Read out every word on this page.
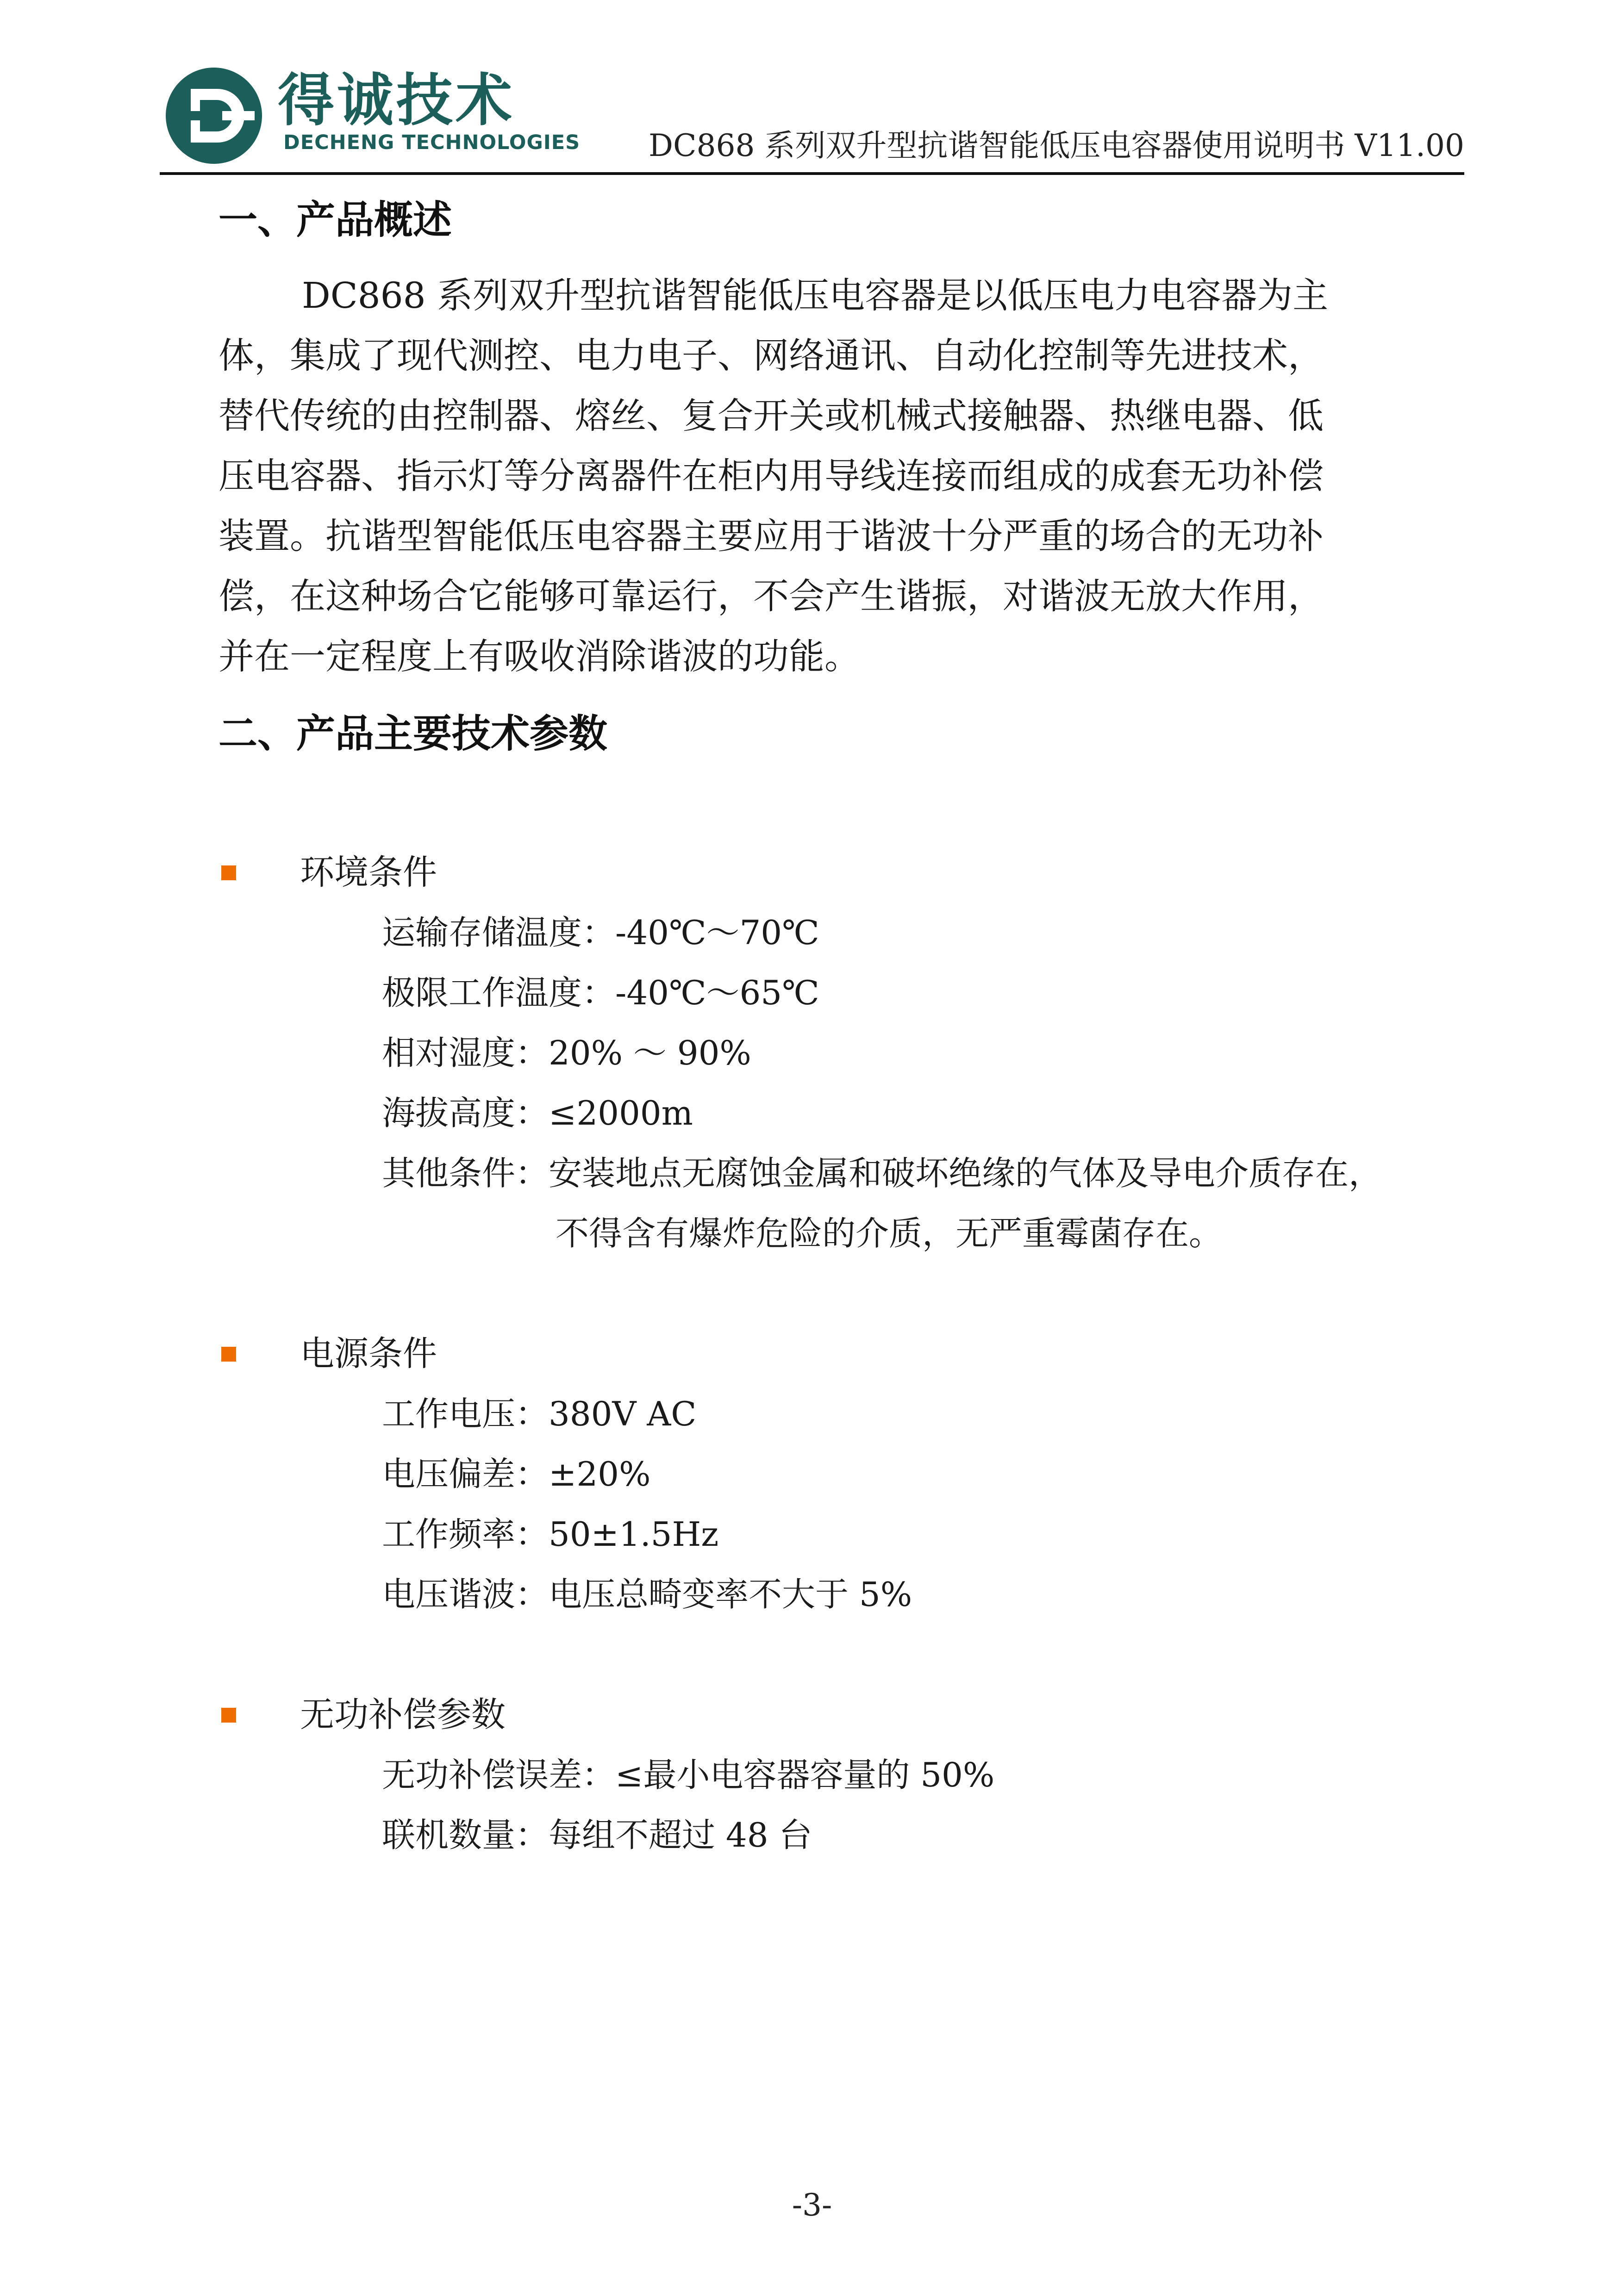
得诚技术
DECHENG TECHNOLOGIES DC868 系列双升型抗谐智能低压电容器使用说明书 V11.00
一、产品概述
DC868 系列双升型抗谐智能低压电容器是以低压电力电容器为主
体，集成了现代测控、电力电子、网络通讯、自动化控制等先进技术，
替代传统的由控制器、熔丝、复合开关或机械式接触器、热继电器、低
压电容器、指示灯等分离器件在柜内用导线连接而组成的成套无功补偿
装置。抗谐型智能低压电容器主要应用于谐波十分严重的场合的无功补
偿，在这种场合它能够可靠运行，不会产生谐振，对谐波无放大作用，
并在一定程度上有吸收消除谐波的功能。
二、产品主要技术参数
环境条件
运输存储温度：-40℃～70℃
极限工作温度：-40℃～65℃
相对湿度：20% ～ 90%
海拔高度：≤2000m
其他条件：安装地点无腐蚀金属和破坏绝缘的气体及导电介质存在，
不得含有爆炸危险的介质，无严重霉菌存在。
电源条件
工作电压：380V AC
电压偏差：±20%
工作频率：50±1.5Hz
电压谐波：电压总畸变率不大于 5%
无功补偿参数
无功补偿误差：≤最小电容器容量的 50%
联机数量：每组不超过 48 台
-3-
